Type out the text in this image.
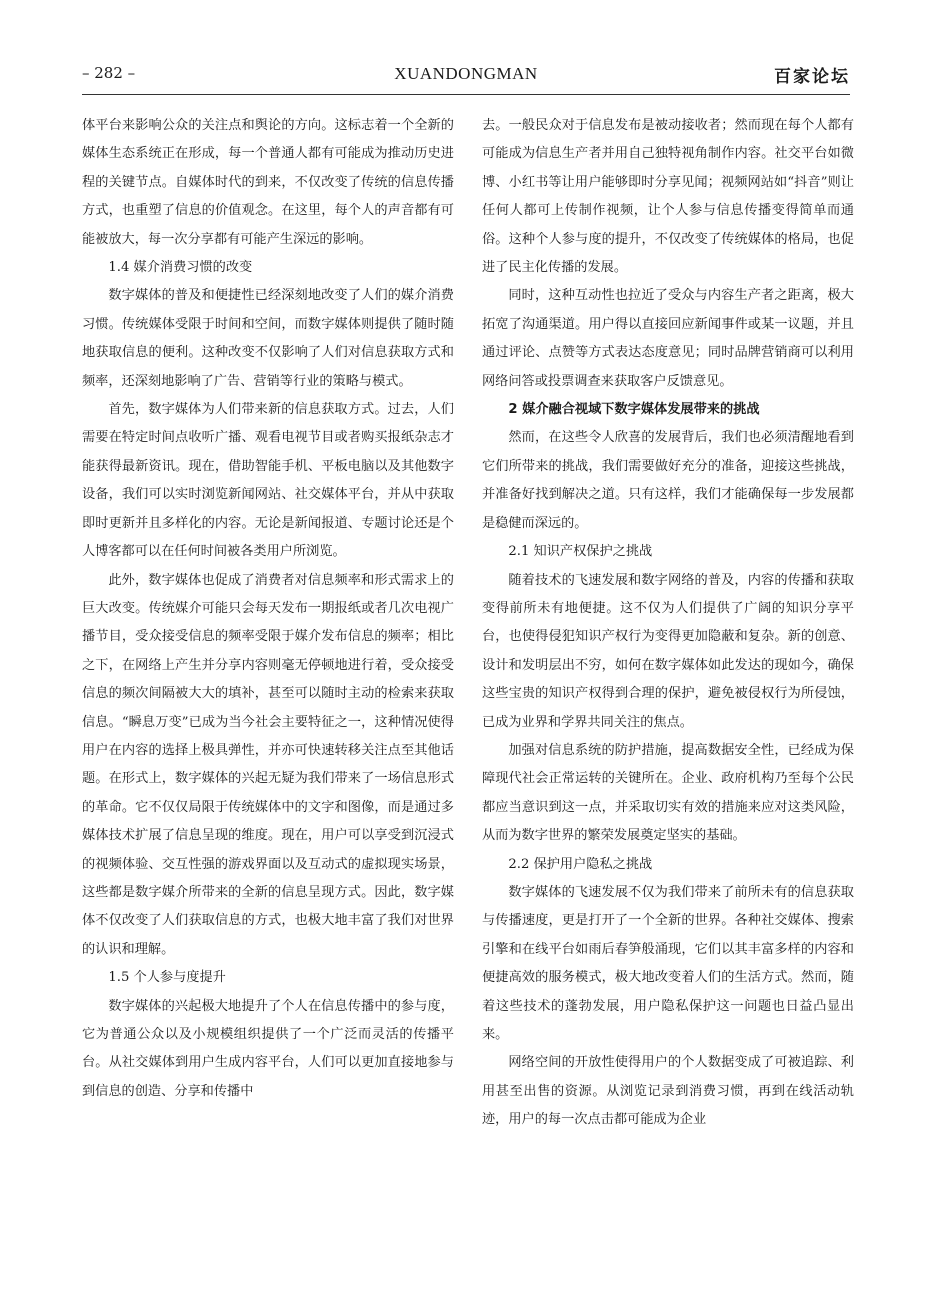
– 282 –	XUANDONGMAN	百家论坛

体平台来影响公众的关注点和舆论的方向。这标志着一个全新的媒体生态系统正在形成，每一个普通人都有可能成为推动历史进程的关键节点。自媒体时代的到来，不仅改变了传统的信息传播方式，也重塑了信息的价值观念。在这里，每个人的声音都有可能被放大，每一次分享都有可能产生深远的影响。

1.4 媒介消费习惯的改变

数字媒体的普及和便捷性已经深刻地改变了人们的媒介消费习惯。传统媒体受限于时间和空间，而数字媒体则提供了随时随地获取信息的便利。这种改变不仅影响了人们对信息获取方式和频率，还深刻地影响了广告、营销等行业的策略与模式。

首先，数字媒体为人们带来新的信息获取方式。过去，人们需要在特定时间点收听广播、观看电视节目或者购买报纸杂志才能获得最新资讯。现在，借助智能手机、平板电脑以及其他数字设备，我们可以实时浏览新闻网站、社交媒体平台，并从中获取即时更新并且多样化的内容。无论是新闻报道、专题讨论还是个人博客都可以在任何时间被各类用户所浏览。

此外，数字媒体也促成了消费者对信息频率和形式需求上的巨大改变。传统媒介可能只会每天发布一期报纸或者几次电视广播节目，受众接受信息的频率受限于媒介发布信息的频率；相比之下，在网络上产生并分享内容则毫无停顿地进行着，受众接受信息的频次间隔被大大的填补，甚至可以随时主动的检索来获取信息。“瞬息万变”已成为当今社会主要特征之一，这种情况使得用户在内容的选择上极具弹性，并亦可快速转移关注点至其他话题。在形式上，数字媒体的兴起无疑为我们带来了一场信息形式的革命。它不仅仅局限于传统媒体中的文字和图像，而是通过多媒体技术扩展了信息呈现的维度。现在，用户可以享受到沉浸式的视频体验、交互性强的游戏界面以及互动式的虚拟现实场景，这些都是数字媒介所带来的全新的信息呈现方式。因此，数字媒体不仅改变了人们获取信息的方式，也极大地丰富了我们对世界的认识和理解。

1.5 个人参与度提升

数字媒体的兴起极大地提升了个人在信息传播中的参与度，它为普通公众以及小规模组织提供了一个广泛而灵活的传播平台。从社交媒体到用户生成内容平台，人们可以更加直接地参与到信息的创造、分享和传播中

去。一般民众对于信息发布是被动接收者；然而现在每个人都有可能成为信息生产者并用自己独特视角制作内容。社交平台如微博、小红书等让用户能够即时分享见闻；视频网站如“抖音”则让任何人都可上传制作视频，让个人参与信息传播变得简单而通俗。这种个人参与度的提升，不仅改变了传统媒体的格局，也促进了民主化传播的发展。

同时，这种互动性也拉近了受众与内容生产者之距离，极大拓宽了沟通渠道。用户得以直接回应新闻事件或某一议题，并且通过评论、点赞等方式表达态度意见；同时品牌营销商可以利用网络问答或投票调查来获取客户反馈意见。

2 媒介融合视域下数字媒体发展带来的挑战

然而，在这些令人欣喜的发展背后，我们也必须清醒地看到它们所带来的挑战，我们需要做好充分的准备，迎接这些挑战，并准备好找到解决之道。只有这样，我们才能确保每一步发展都是稳健而深远的。

2.1 知识产权保护之挑战

随着技术的飞速发展和数字网络的普及，内容的传播和获取变得前所未有地便捷。这不仅为人们提供了广阔的知识分享平台，也使得侵犯知识产权行为变得更加隐蔽和复杂。新的创意、设计和发明层出不穷，如何在数字媒体如此发达的现如今，确保这些宝贵的知识产权得到合理的保护，避免被侵权行为所侵蚀，已成为业界和学界共同关注的焦点。

加强对信息系统的防护措施，提高数据安全性，已经成为保障现代社会正常运转的关键所在。企业、政府机构乃至每个公民都应当意识到这一点，并采取切实有效的措施来应对这类风险，从而为数字世界的繁荣发展奠定坚实的基础。

2.2 保护用户隐私之挑战

数字媒体的飞速发展不仅为我们带来了前所未有的信息获取与传播速度，更是打开了一个全新的世界。各种社交媒体、搜索引擎和在线平台如雨后春笋般涌现，它们以其丰富多样的内容和便捷高效的服务模式，极大地改变着人们的生活方式。然而，随着这些技术的蓬勃发展，用户隐私保护这一问题也日益凸显出来。

网络空间的开放性使得用户的个人数据变成了可被追踪、利用甚至出售的资源。从浏览记录到消费习惯，再到在线活动轨迹，用户的每一次点击都可能成为企业
